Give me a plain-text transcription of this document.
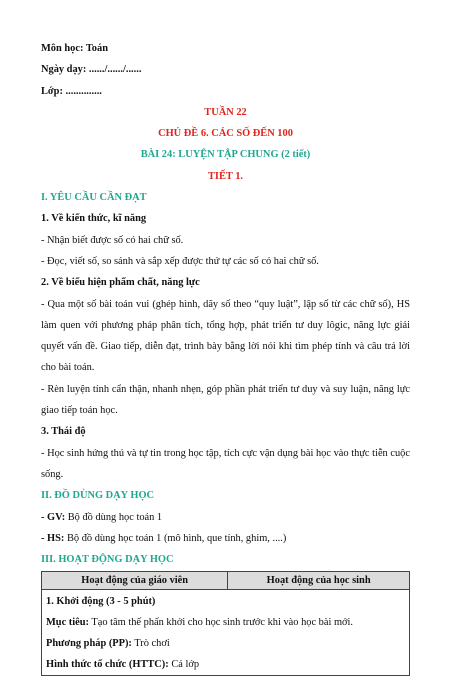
Môn học: Toán
Ngày dạy: ....../....../......
Lớp: ..............
TUẦN 22
CHỦ ĐỀ 6. CÁC SỐ ĐẾN 100
BÀI 24: LUYỆN TẬP CHUNG (2 tiết)
TIẾT 1.
I. YÊU CẦU CẦN ĐẠT
1. Về kiến thức, kĩ năng
- Nhận biết được số có hai chữ số.
- Đọc, viết số, so sánh và sắp xếp được thứ tự các số có hai chữ số.
2. Về biểu hiện phẩm chất, năng lực
- Qua một số bài toán vui (ghép hình, dãy số theo “quy luật”, lập số từ các chữ số), HS làm quen với phương pháp phân tích, tổng hợp, phát triển tư duy lôgic, năng lực giải quyết vấn đề. Giao tiếp, diễn đạt, trình bày bằng lời nói khi tìm phép tính và câu trả lời cho bài toán.
- Rèn luyện tính cẩn thận, nhanh nhẹn, góp phần phát triển tư duy và suy luận, năng lực giao tiếp toán học.
3. Thái độ
- Học sinh hứng thú và tự tin trong học tập, tích cực vận dụng bài học vào thực tiễn cuộc sống.
II. ĐỒ DÙNG DẠY HỌC
- GV: Bộ đồ dùng học toán 1
- HS: Bộ đồ dùng học toán 1 (mô hình, que tính, ghim, ....)
III. HOẠT ĐỘNG DẠY HỌC
Hoạt động của giáo viên	Hoạt động của học sinh

1. Khởi động (3 - 5 phút)
Mục tiêu: Tạo tâm thế phấn khởi cho học sinh trước khi vào học bài mới.
Phương pháp (PP): Trò chơi
Hình thức tổ chức (HTTC): Cả lớp
